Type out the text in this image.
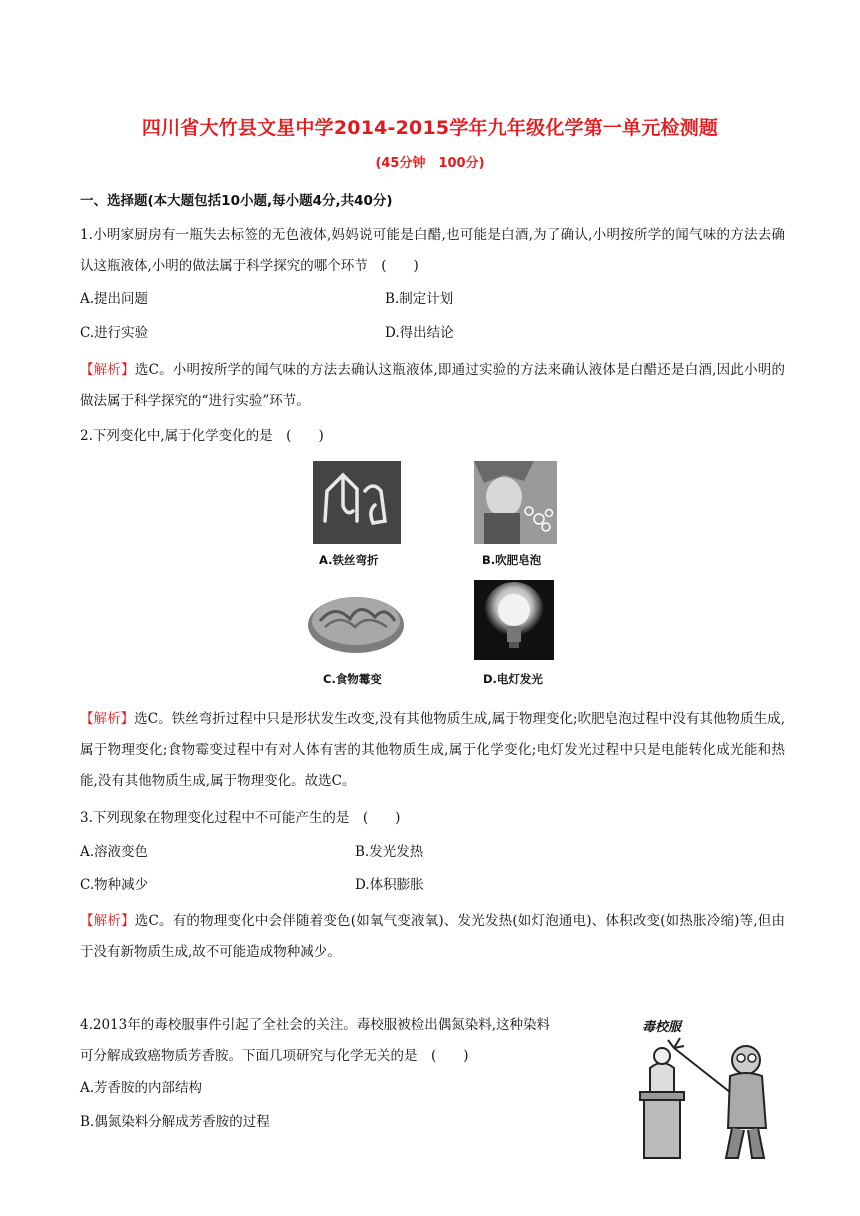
四川省大竹县文星中学2014-2015学年九年级化学第一单元检测题
(45分钟　100分)
一、选择题(本大题包括10小题,每小题4分,共40分)
1.小明家厨房有一瓶失去标签的无色液体,妈妈说可能是白醋,也可能是白酒,为了确认,小明按所学的闻气味的方法去确认这瓶液体,小明的做法属于科学探究的哪个环节　(　　)
A.提出问题	B.制定计划
C.进行实验	D.得出结论
【解析】选C。小明按所学的闻气味的方法去确认这瓶液体,即通过实验的方法来确认液体是白醋还是白酒,因此小明的做法属于科学探究的“进行实验”环节。
2.下列变化中,属于化学变化的是　(　　)
A.铁丝弯折	B.吹肥皂泡
C.食物霉变	D.电灯发光
【解析】选C。铁丝弯折过程中只是形状发生改变,没有其他物质生成,属于物理变化;吹肥皂泡过程中没有其他物质生成,属于物理变化;食物霉变过程中有对人体有害的其他物质生成,属于化学变化;电灯发光过程中只是电能转化成光能和热能,没有其他物质生成,属于物理变化。故选C。
3.下列现象在物理变化过程中不可能产生的是　(　　)
A.溶液变色	B.发光发热
C.物种减少	D.体积膨胀
【解析】选C。有的物理变化中会伴随着变色(如氧气变液氧)、发光发热(如灯泡通电)、体积改变(如热胀冷缩)等,但由于没有新物质生成,故不可能造成物种减少。
4.2013年的毒校服事件引起了全社会的关注。毒校服被检出偶氮染料,这种染料
可分解成致癌物质芳香胺。下面几项研究与化学无关的是　(　　)
A.芳香胺的内部结构
B.偶氮染料分解成芳香胺的过程
毒校服
